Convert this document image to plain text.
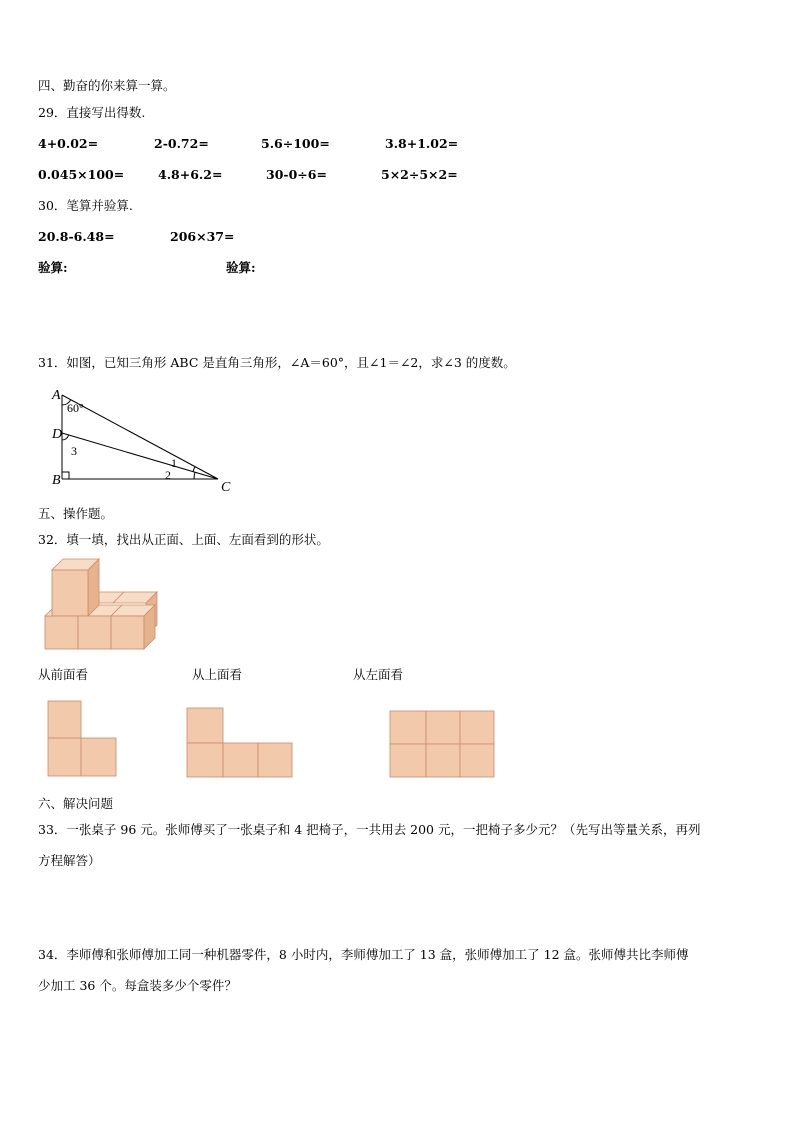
四、勤奋的你来算一算。
29．直接写出得数.
4+0.02=	2-0.72=	5.6÷100=	3.8+1.02=
0.045×100=	4.8+6.2=	30-0÷6=	5×2÷5×2=
30．笔算并验算.
20.8-6.48=	206×37=
验算:	验算:
31．如图，已知三角形 ABC 是直角三角形，∠A＝60°，且∠1＝∠2，求∠3 的度数。
A
D
B	C
60°
3
1
2
五、操作题。
32．填一填，找出从正面、上面、左面看到的形状。
从前面看	从上面看	从左面看
六、解决问题
33．一张桌子 96 元。张师傅买了一张桌子和 4 把椅子，一共用去 200 元，一把椅子多少元？（先写出等量关系，再列
方程解答）
34．李师傅和张师傅加工同一种机器零件，8 小时内，李师傅加工了 13 盒，张师傅加工了 12 盒。张师傅共比李师傅
少加工 36 个。每盒装多少个零件？
